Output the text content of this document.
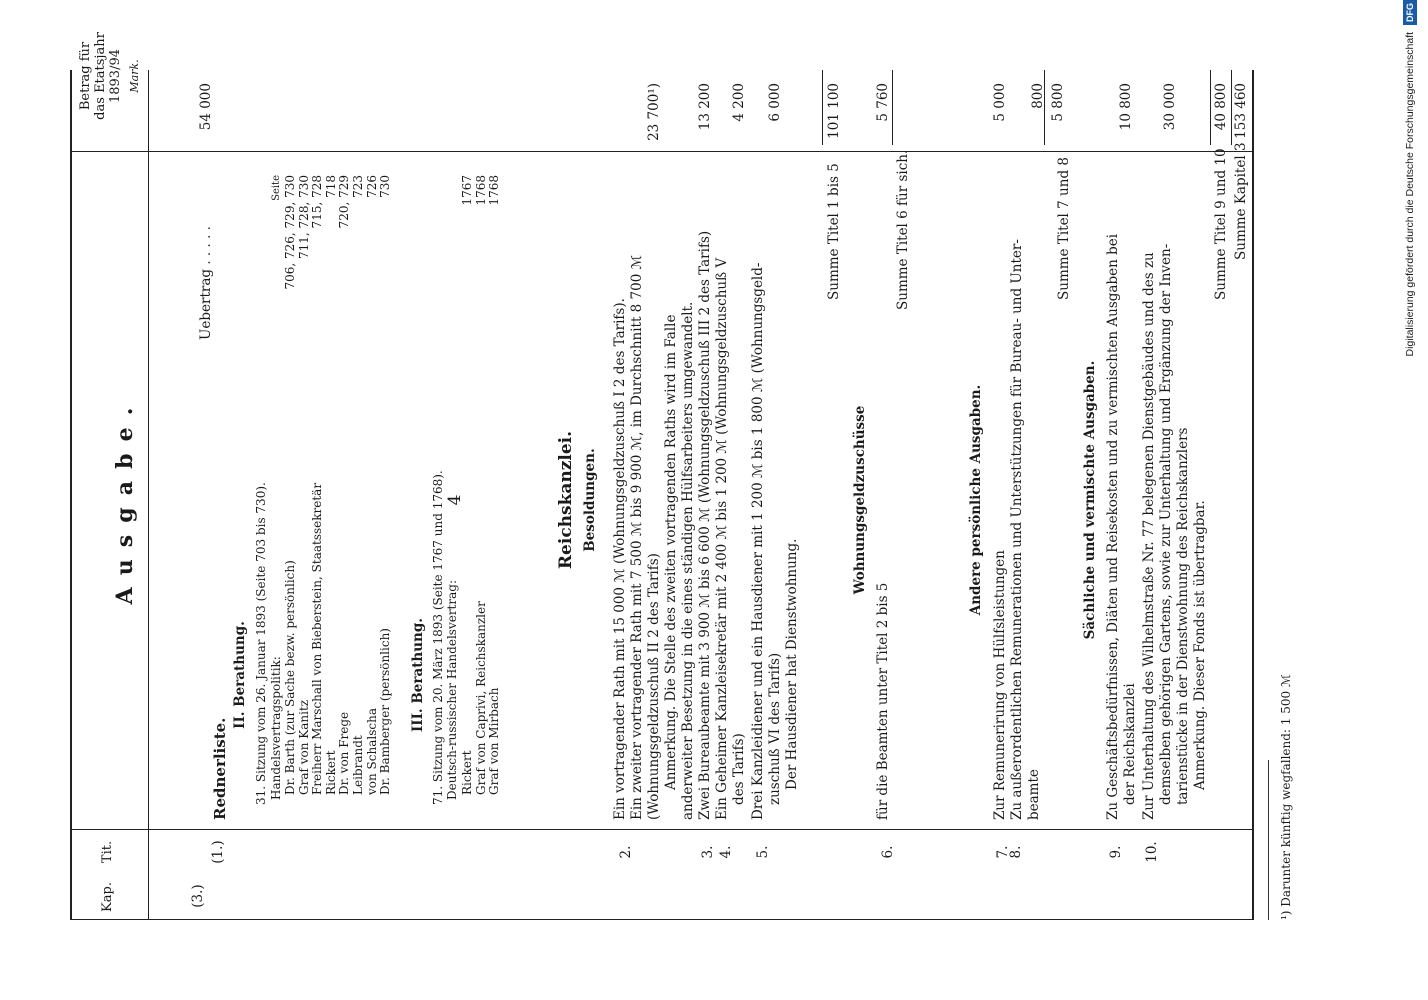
4
Ausgabe.
Kap.
Tit.
Betrag für das Etatsjahr 1893/94 Mark.
(3.)
(1.)
Uebertrag . . . . .
54 000
Rednerliste.
II. Berathung. 31. Sitzung vom 26. Januar 1893 (Seite 703 bis 730). Handelsvertragspolitik:
Seite
Dr. Barth (zur Sache bezw. persönlich)
706, 726, 729, 730
Graf von Kanitz
711, 728, 730
Freiherr Marschall von Bieberstein, Staatssekretär
715, 728
Rickert
718
Dr. von Frege
720, 729
Leibrandt
723
von Schalscha
726
Dr. Bamberger (persönlich)
730
III. Berathung. 71. Sitzung vom 20. März 1893 (Seite 1767 und 1768). Deutsch-russischer Handelsvertrag: Rickert
1767
Graf von Caprivi, Reichskanzler
1768
Graf von Mirbach
1768
Reichskanzlei. Besoldungen.
2.
Ein vortragender Rath mit 15 000 ℳ (Wohnungsgeldzuschuß I 2 des Tarifs). Ein zweiter vortragender Rath mit 7 500 ℳ bis 9 900 ℳ, im Durchschnitt 8 700 ℳ (Wohnungsgeldzuschuß II 2 des Tarifs) Anmerkung. Die Stelle des zweiten vortragenden Raths wird im Falle anderweiter Besetzung in die eines ständigen Hülfsarbeiters umgewandelt.
23 700¹)
3.
Zwei Bureaubeamte mit 3 900 ℳ bis 6 600 ℳ (Wohnungsgeldzuschuß III 2 des Tarifs)
13 200
4.
Ein Geheimer Kanzleisekretär mit 2 400 ℳ bis 1 200 ℳ (Wohnungsgeldzuschuß V des Tarifs)
4 200
5.
Drei Kanzleidiener und ein Hausdiener mit 1 200 ℳ bis 1 800 ℳ (Wohnungsgeld- zuschuß VI des Tarifs) Der Hausdiener hat Dienstwohnung.
6 000
Summe Titel 1 bis 5
101 100
Wohnungsgeldzuschüsse
6.
für die Beamten unter Titel 2 bis 5
5 760
Summe Titel 6 für sich.
Andere persönliche Ausgaben.
7.
Zur Remunerirung von Hülfsleistungen
5 000
8.
Zu außerordentlichen Remunerationen und Unterstützungen für Bureau- und Unter- beamte
800
Summe Titel 7 und 8
5 800
Sächliche und vermischte Ausgaben.
9.
Zu Geschäftsbedürfnissen, Diäten und Reisekosten und zu vermischten Ausgaben bei der Reichskanzlei
10 800
10.
Zur Unterhaltung des Wilhelmstraße Nr. 77 belegenen Dienstgebäudes und des zu demselben gehörigen Gartens, sowie zur Unterhaltung und Ergänzung der Inven- tarienstücke in der Dienstwohnung des Reichskanzlers Anmerkung. Dieser Fonds ist übertragbar.
30 000
Summe Titel 9 und 10
40 800
Summe Kapitel 3
153 460
¹) Darunter künftig wegfallend: 1 500 ℳ
Digitalisierung gefördert durch die Deutsche Forschungsgemeinschaft DFG
